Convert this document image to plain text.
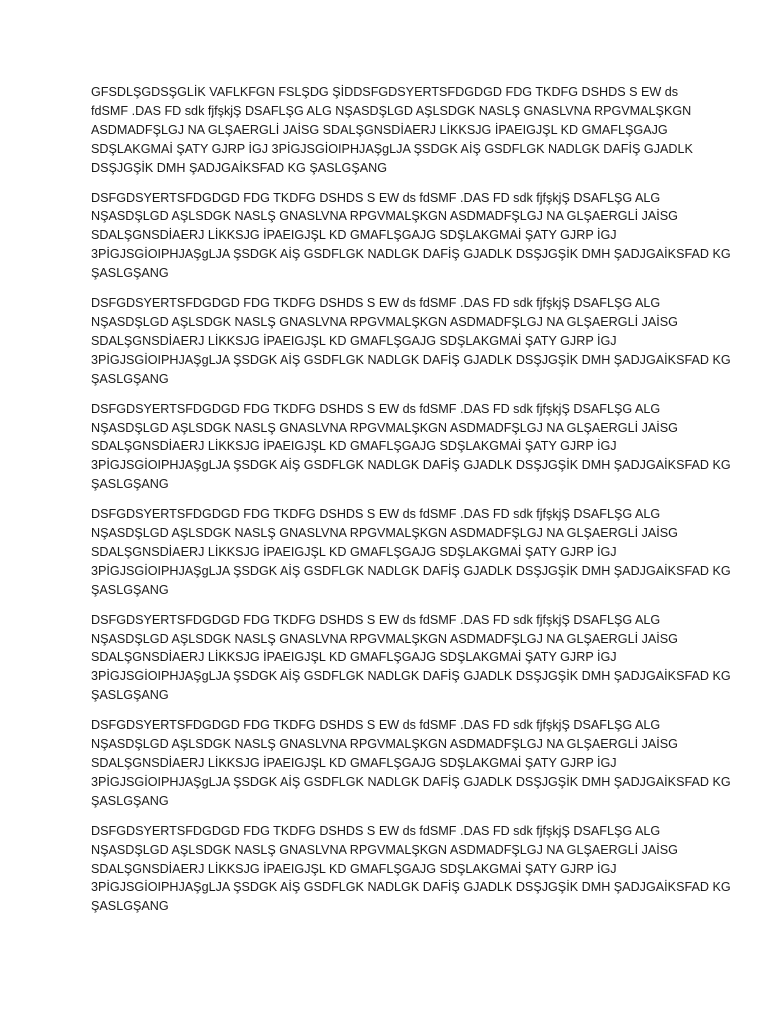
GFSDLŞGDSŞGLİK VAFLKFGN FSLŞDG ŞİDDSFGDSYERTSFDGDGD FDG TKDFG DSHDS S EW ds
fdSMF .DAS FD sdk fjfşkjŞ DSAFLŞG ALG NŞASDŞLGD AŞLSDGK NASLŞ GNASLVNA RPGVMALŞKGN
ASDMADFŞLGJ NA GLŞAERGLİ JAİSG SDALŞGNSDİAERJ LİKKSJG İPAEIGJŞL KD GMAFLŞGAJG
SDŞLAKGMAİ ŞATY GJRP İGJ 3PİGJSGİOIPHJAŞgLJA ŞSDGK AİŞ GSDFLGK NADLGK DAFİŞ GJADLK
DSŞJGŞİK DMH ŞADJGAİKSFAD KG ŞASLGŞANG

DSFGDSYERTSFDGDGD FDG TKDFG DSHDS S EW ds fdSMF .DAS FD sdk fjfşkjŞ DSAFLŞG ALG
NŞASDŞLGD AŞLSDGK NASLŞ GNASLVNA RPGVMALŞKGN ASDMADFŞLGJ NA GLŞAERGLİ JAİSG
SDALŞGNSDİAERJ LİKKSJG İPAEIGJŞL KD GMAFLŞGAJG SDŞLAKGMAİ ŞATY GJRP İGJ
3PİGJSGİOIPHJAŞgLJA ŞSDGK AİŞ GSDFLGK NADLGK DAFİŞ GJADLK DSŞJGŞİK DMH ŞADJGAİKSFAD KG
ŞASLGŞANG

DSFGDSYERTSFDGDGD FDG TKDFG DSHDS S EW ds fdSMF .DAS FD sdk fjfşkjŞ DSAFLŞG ALG
NŞASDŞLGD AŞLSDGK NASLŞ GNASLVNA RPGVMALŞKGN ASDMADFŞLGJ NA GLŞAERGLİ JAİSG
SDALŞGNSDİAERJ LİKKSJG İPAEIGJŞL KD GMAFLŞGAJG SDŞLAKGMAİ ŞATY GJRP İGJ
3PİGJSGİOIPHJAŞgLJA ŞSDGK AİŞ GSDFLGK NADLGK DAFİŞ GJADLK DSŞJGŞİK DMH ŞADJGAİKSFAD KG
ŞASLGŞANG

DSFGDSYERTSFDGDGD FDG TKDFG DSHDS S EW ds fdSMF .DAS FD sdk fjfşkjŞ DSAFLŞG ALG
NŞASDŞLGD AŞLSDGK NASLŞ GNASLVNA RPGVMALŞKGN ASDMADFŞLGJ NA GLŞAERGLİ JAİSG
SDALŞGNSDİAERJ LİKKSJG İPAEIGJŞL KD GMAFLŞGAJG SDŞLAKGMAİ ŞATY GJRP İGJ
3PİGJSGİOIPHJAŞgLJA ŞSDGK AİŞ GSDFLGK NADLGK DAFİŞ GJADLK DSŞJGŞİK DMH ŞADJGAİKSFAD KG
ŞASLGŞANG

DSFGDSYERTSFDGDGD FDG TKDFG DSHDS S EW ds fdSMF .DAS FD sdk fjfşkjŞ DSAFLŞG ALG
NŞASDŞLGD AŞLSDGK NASLŞ GNASLVNA RPGVMALŞKGN ASDMADFŞLGJ NA GLŞAERGLİ JAİSG
SDALŞGNSDİAERJ LİKKSJG İPAEIGJŞL KD GMAFLŞGAJG SDŞLAKGMAİ ŞATY GJRP İGJ
3PİGJSGİOIPHJAŞgLJA ŞSDGK AİŞ GSDFLGK NADLGK DAFİŞ GJADLK DSŞJGŞİK DMH ŞADJGAİKSFAD KG
ŞASLGŞANG

DSFGDSYERTSFDGDGD FDG TKDFG DSHDS S EW ds fdSMF .DAS FD sdk fjfşkjŞ DSAFLŞG ALG
NŞASDŞLGD AŞLSDGK NASLŞ GNASLVNA RPGVMALŞKGN ASDMADFŞLGJ NA GLŞAERGLİ JAİSG
SDALŞGNSDİAERJ LİKKSJG İPAEIGJŞL KD GMAFLŞGAJG SDŞLAKGMAİ ŞATY GJRP İGJ
3PİGJSGİOIPHJAŞgLJA ŞSDGK AİŞ GSDFLGK NADLGK DAFİŞ GJADLK DSŞJGŞİK DMH ŞADJGAİKSFAD KG
ŞASLGŞANG

DSFGDSYERTSFDGDGD FDG TKDFG DSHDS S EW ds fdSMF .DAS FD sdk fjfşkjŞ DSAFLŞG ALG
NŞASDŞLGD AŞLSDGK NASLŞ GNASLVNA RPGVMALŞKGN ASDMADFŞLGJ NA GLŞAERGLİ JAİSG
SDALŞGNSDİAERJ LİKKSJG İPAEIGJŞL KD GMAFLŞGAJG SDŞLAKGMAİ ŞATY GJRP İGJ
3PİGJSGİOIPHJAŞgLJA ŞSDGK AİŞ GSDFLGK NADLGK DAFİŞ GJADLK DSŞJGŞİK DMH ŞADJGAİKSFAD KG
ŞASLGŞANG

DSFGDSYERTSFDGDGD FDG TKDFG DSHDS S EW ds fdSMF .DAS FD sdk fjfşkjŞ DSAFLŞG ALG
NŞASDŞLGD AŞLSDGK NASLŞ GNASLVNA RPGVMALŞKGN ASDMADFŞLGJ NA GLŞAERGLİ JAİSG
SDALŞGNSDİAERJ LİKKSJG İPAEIGJŞL KD GMAFLŞGAJG SDŞLAKGMAİ ŞATY GJRP İGJ
3PİGJSGİOIPHJAŞgLJA ŞSDGK AİŞ GSDFLGK NADLGK DAFİŞ GJADLK DSŞJGŞİK DMH ŞADJGAİKSFAD KG
ŞASLGŞANG
